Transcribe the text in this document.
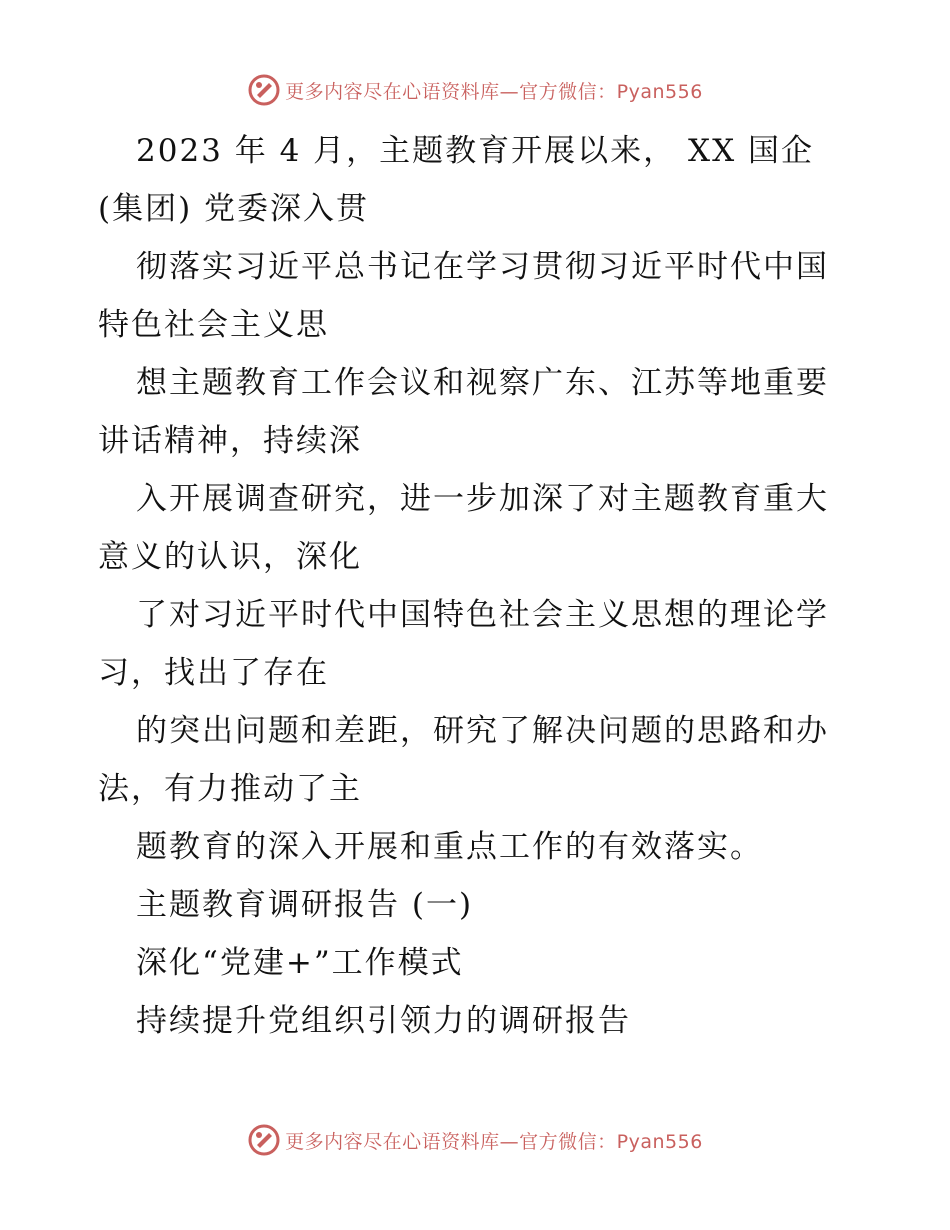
更多内容尽在心语资料库—官方微信：Pyan556
2023 年 4 月，主题教育开展以来， XX 国企
(集团) 党委深入贯
彻落实习近平总书记在学习贯彻习近平时代中国
特色社会主义思
想主题教育工作会议和视察广东、江苏等地重要
讲话精神，持续深
入开展调查研究，进一步加深了对主题教育重大
意义的认识，深化
了对习近平时代中国特色社会主义思想的理论学
习，找出了存在
的突出问题和差距，研究了解决问题的思路和办
法，有力推动了主
题教育的深入开展和重点工作的有效落实。
主题教育调研报告 (一)
深化“党建+”工作模式
持续提升党组织引领力的调研报告
更多内容尽在心语资料库—官方微信：Pyan556
